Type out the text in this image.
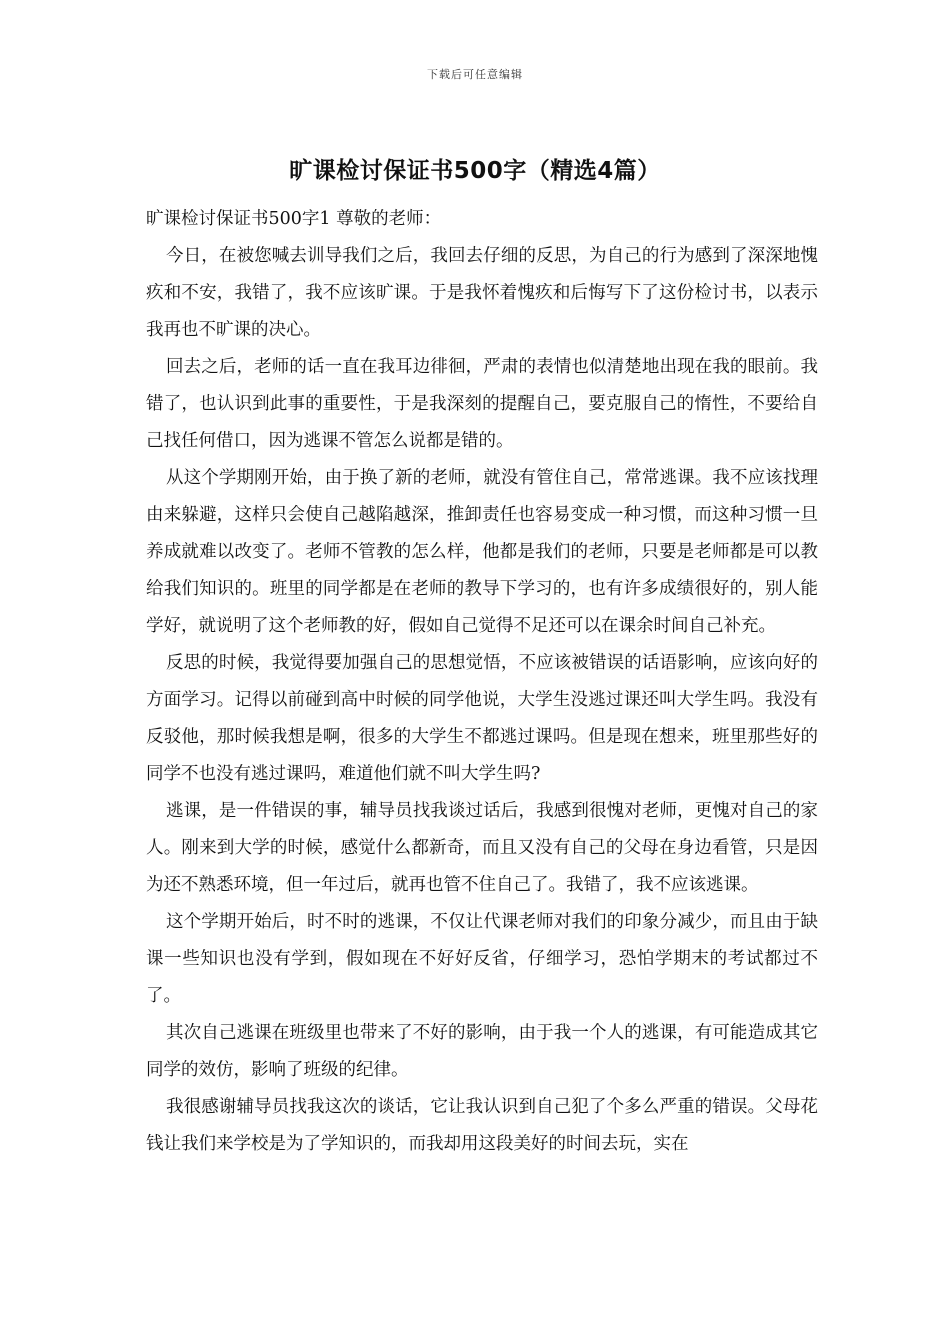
下载后可任意编辑
旷课检讨保证书500字（精选4篇）

旷课检讨保证书500字1 尊敬的老师：

今日，在被您喊去训导我们之后，我回去仔细的反思，为自己的行为感到了深深地愧疚和不安，我错了，我不应该旷课。于是我怀着愧疚和后悔写下了这份检讨书，以表示我再也不旷课的决心。

回去之后，老师的话一直在我耳边徘徊，严肃的表情也似清楚地出现在我的眼前。我错了，也认识到此事的重要性，于是我深刻的提醒自己，要克服自己的惰性，不要给自己找任何借口，因为逃课不管怎么说都是错的。

从这个学期刚开始，由于换了新的老师，就没有管住自己，常常逃课。我不应该找理由来躲避，这样只会使自己越陷越深，推卸责任也容易变成一种习惯，而这种习惯一旦养成就难以改变了。老师不管教的怎么样，他都是我们的老师，只要是老师都是可以教给我们知识的。班里的同学都是在老师的教导下学习的，也有许多成绩很好的，别人能学好，就说明了这个老师教的好，假如自己觉得不足还可以在课余时间自己补充。

反思的时候，我觉得要加强自己的思想觉悟，不应该被错误的话语影响，应该向好的方面学习。记得以前碰到高中时候的同学他说，大学生没逃过课还叫大学生吗。我没有反驳他，那时候我想是啊，很多的大学生不都逃过课吗。但是现在想来，班里那些好的同学不也没有逃过课吗，难道他们就不叫大学生吗?

逃课，是一件错误的事，辅导员找我谈过话后，我感到很愧对老师，更愧对自己的家人。刚来到大学的时候，感觉什么都新奇，而且又没有自己的父母在身边看管，只是因为还不熟悉环境，但一年过后，就再也管不住自己了。我错了，我不应该逃课。

这个学期开始后，时不时的逃课，不仅让代课老师对我们的印象分减少，而且由于缺课一些知识也没有学到，假如现在不好好反省，仔细学习，恐怕学期末的考试都过不了。

其次自己逃课在班级里也带来了不好的影响，由于我一个人的逃课，有可能造成其它同学的效仿，影响了班级的纪律。

我很感谢辅导员找我这次的谈话，它让我认识到自己犯了个多么严重的错误。父母花钱让我们来学校是为了学知识的，而我却用这段美好的时间去玩，实在
